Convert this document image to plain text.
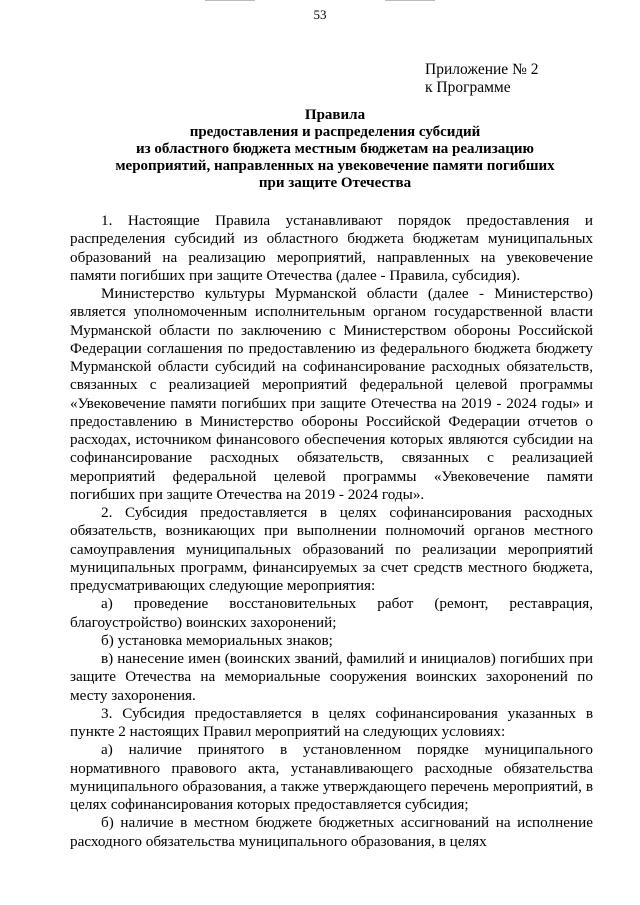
53
Приложение № 2
к Программе
Правила
предоставления и распределения субсидий
из областного бюджета местным бюджетам на реализацию
мероприятий, направленных на увековечение памяти погибших
при защите Отечества

1. Настоящие Правила устанавливают порядок предоставления и распределения субсидий из областного бюджета бюджетам муниципальных образований на реализацию мероприятий, направленных на увековечение памяти погибших при защите Отечества (далее - Правила, субсидия).

Министерство культуры Мурманской области (далее - Министерство) является уполномоченным исполнительным органом государственной власти Мурманской области по заключению с Министерством обороны Российской Федерации соглашения по предоставлению из федерального бюджета бюджету Мурманской области субсидий на софинансирование расходных обязательств, связанных с реализацией мероприятий федеральной целевой программы «Увековечение памяти погибших при защите Отечества на 2019 - 2024 годы» и предоставлению в Министерство обороны Российской Федерации отчетов о расходах, источником финансового обеспечения которых являются субсидии на софинансирование расходных обязательств, связанных с реализацией мероприятий федеральной целевой программы «Увековечение памяти погибших при защите Отечества на 2019 - 2024 годы».

2. Субсидия предоставляется в целях софинансирования расходных обязательств, возникающих при выполнении полномочий органов местного самоуправления муниципальных образований по реализации мероприятий муниципальных программ, финансируемых за счет средств местного бюджета, предусматривающих следующие мероприятия:

а) проведение восстановительных работ (ремонт, реставрация, благоустройство) воинских захоронений;

б) установка мемориальных знаков;

в) нанесение имен (воинских званий, фамилий и инициалов) погибших при защите Отечества на мемориальные сооружения воинских захоронений по месту захоронения.

3. Субсидия предоставляется в целях софинансирования указанных в пункте 2 настоящих Правил мероприятий на следующих условиях:

а) наличие принятого в установленном порядке муниципального нормативного правового акта, устанавливающего расходные обязательства муниципального образования, а также утверждающего перечень мероприятий, в целях софинансирования которых предоставляется субсидия;

б) наличие в местном бюджете бюджетных ассигнований на исполнение расходного обязательства муниципального образования, в целях
